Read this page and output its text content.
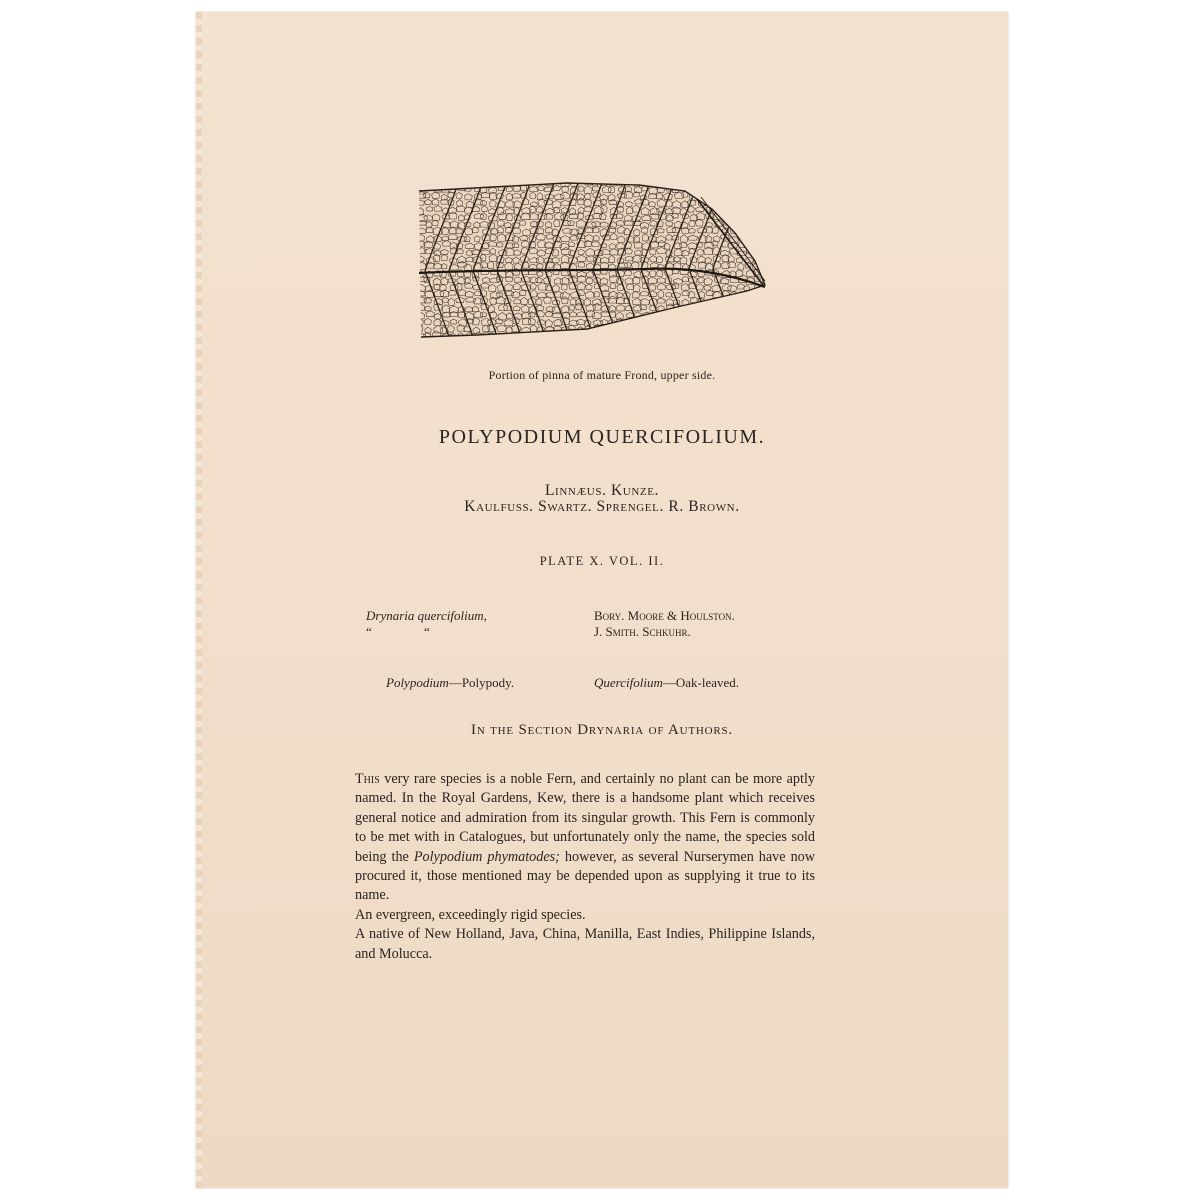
Portion of pinna of mature Frond, upper side.
POLYPODIUM QUERCIFOLIUM.
Linnæus. Kunze.
Kaulfuss. Swartz. Sprengel. R. Brown.
PLATE X. VOL. II.
Drynaria quercifolium,
“	“
Bory. Moore & Houlston.
J. Smith. Schkuhr.
Polypodium—Polypody.	Quercifolium—Oak-leaved.
In the Section Drynaria of Authors.

This very rare species is a noble Fern, and certainly no plant can be more aptly named. In the Royal Gardens, Kew, there is a handsome plant which receives general notice and admiration from its singular growth. This Fern is commonly to be met with in Catalogues, but unfortunately only the name, the species sold being the Polypodium phymatodes; however, as several Nurserymen have now procured it, those mentioned may be depended upon as supplying it true to its name.

An evergreen, exceedingly rigid species.

A native of New Holland, Java, China, Manilla, East Indies, Philippine Islands, and Molucca.
